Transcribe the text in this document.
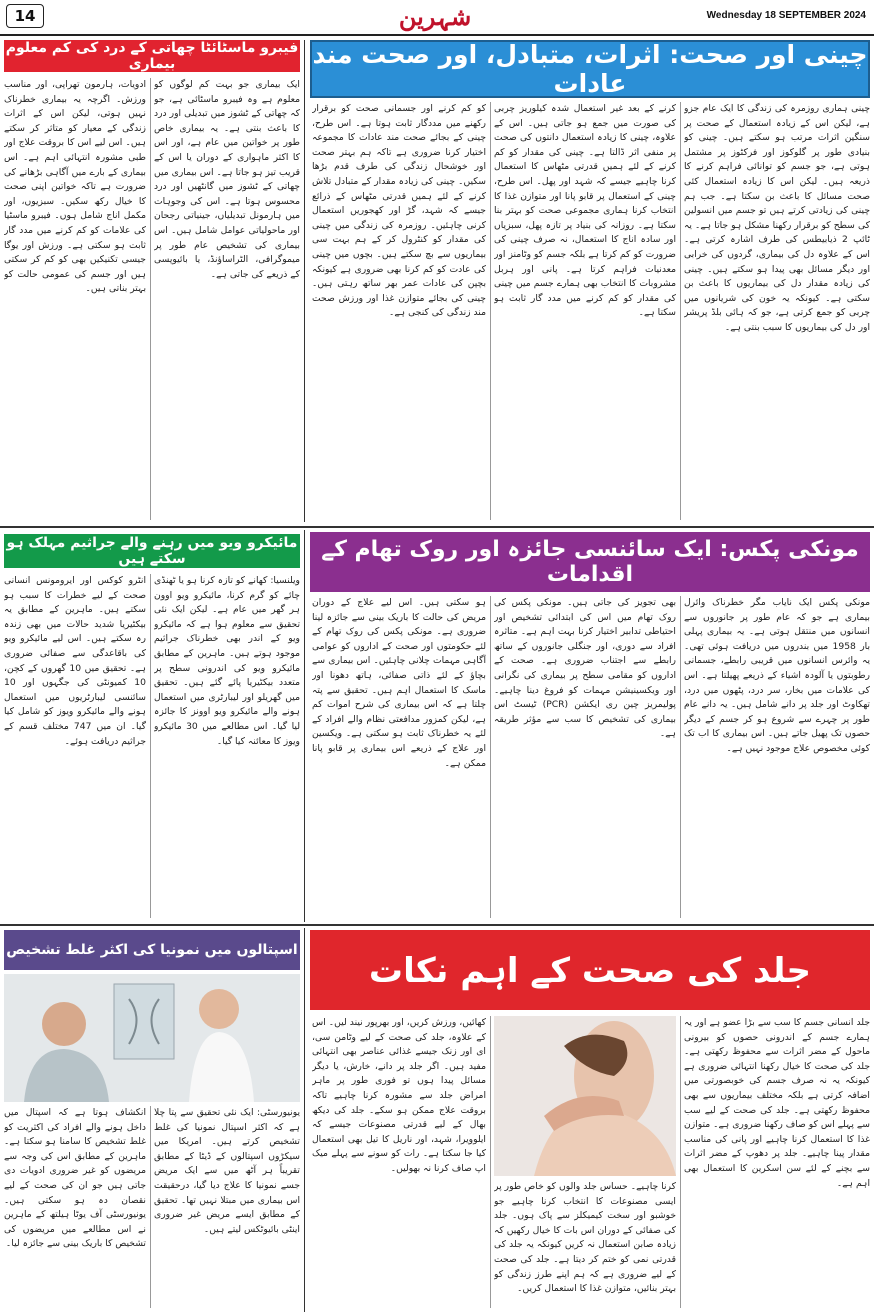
14	شہرین	Wednesday 18 SEPTEMBER 2024
چینی اور صحت: اثرات، متبادل، اور صحت مند عادات
چینی ہماری روزمرہ کی زندگی کا ایک عام جزو ہے، لیکن اس کے زیادہ استعمال کے صحت پر سنگین اثرات مرتب ہو سکتے ہیں۔ چینی کو بنیادی طور پر گلوکوز اور فرکٹوز پر مشتمل ہوتی ہے، جو جسم کو توانائی فراہم کرنے کا ذریعہ ہیں۔ لیکن اس کا زیادہ استعمال کئی صحت مسائل کا باعث بن سکتا ہے۔ جب ہم چینی کی زیادتی کرتے ہیں تو جسم میں انسولین کی سطح کو برقرار رکھنا مشکل ہو جاتا ہے۔ یہ ٹائپ 2 ذیابیطس کی طرف اشارہ کرتی ہے۔ اس کے علاوہ دل کی بیماری، گردوں کی خرابی اور دیگر مسائل بھی پیدا ہو سکتے ہیں۔ چینی کی زیادہ مقدار دل کی بیماریوں کا باعث بن سکتی ہے۔ کیونکہ یہ خون کی شریانوں میں چربی کو جمع کرتی ہے، جو کہ ہائی بلڈ پریشر اور دل کی بیماریوں کا سبب بنتی ہے۔
کرنے کے بعد غیر استعمال شدہ کیلوریز چربی کی صورت میں جمع ہو جاتی ہیں۔ اس کے علاوہ، چینی کا زیادہ استعمال دانتوں کی صحت پر منفی اثر ڈالتا ہے۔ چینی کی مقدار کو کم کرنے کے لئے ہمیں قدرتی مٹھاس کا استعمال کرنا چاہیے جیسے کہ شہد اور پھل۔ اس طرح، چینی کے استعمال پر قابو پانا اور متوازن غذا کا انتخاب کرنا ہماری مجموعی صحت کو بہتر بنا سکتا ہے۔ روزانہ کی بنیاد پر تازہ پھل، سبزیاں اور سادہ اناج کا استعمال، نہ صرف چینی کی ضرورت کو کم کرتا ہے بلکہ جسم کو وٹامنز اور معدنیات فراہم کرتا ہے۔ پانی اور ہربل مشروبات کا انتخاب بھی ہمارے جسم میں چینی کی مقدار کو کم کرنے میں مدد گار ثابت ہو سکتا ہے۔
کو کم کرنے اور جسمانی صحت کو برقرار رکھنے میں مددگار ثابت ہوتا ہے۔ اس طرح، چینی کے بجائے صحت مند عادات کا مجموعہ اختیار کرنا ضروری ہے تاکہ ہم بہتر صحت اور خوشحال زندگی کی طرف قدم بڑھا سکیں۔ چینی کی زیادہ مقدار کے متبادل تلاش کرنے کے لئے ہمیں قدرتی مٹھاس کے ذرائع جیسے کہ شہد، گڑ اور کھجوریں استعمال کرنی چاہئیں۔ روزمرہ کی زندگی میں چینی کی مقدار کو کنٹرول کر کے ہم بہت سی بیماریوں سے بچ سکتے ہیں۔ بچوں میں چینی کی عادت کو کم کرنا بھی ضروری ہے کیونکہ بچپن کی عادات عمر بھر ساتھ رہتی ہیں۔ چینی کی بجائے متوازن غذا اور ورزش صحت مند زندگی کی کنجی ہے۔
فیبرو ماسٹائٹا چھاتی کے درد کی کم معلوم بیماری
ایک بیماری جو بہت کم لوگوں کو معلوم ہے وہ فیبرو ماسٹائی ہے، جو کہ چھاتی کے ٹشوز میں تبدیلی اور درد کا باعث بنتی ہے۔ یہ بیماری خاص طور پر خواتین میں عام ہے، اور اس کا اکثر ماہواری کے دوران یا اس کے قریب تیز ہو جاتا ہے۔ اس بیماری میں چھاتی کے ٹشوز میں گانٹھیں اور درد محسوس ہوتا ہے۔ اس کی وجوہات میں ہارمونل تبدیلیاں، جینیاتی رجحان اور ماحولیاتی عوامل شامل ہیں۔ اس بیماری کی تشخیص عام طور پر میموگرافی، الٹراساؤنڈ، یا بائیوپسی کے ذریعے کی جاتی ہے۔
ادویات، ہارمون تھراپی، اور مناسب ورزش۔ اگرچہ یہ بیماری خطرناک نہیں ہوتی، لیکن اس کے اثرات زندگی کے معیار کو متاثر کر سکتے ہیں۔ اس لیے اس کا بروقت علاج اور طبی مشورہ انتہائی اہم ہے۔ اس بیماری کے بارے میں آگاہی بڑھانے کی ضرورت ہے تاکہ خواتین اپنی صحت کا خیال رکھ سکیں۔ سبزیوں، اور مکمل اناج شامل ہوں۔ فیبرو ماسٹیا کی علامات کو کم کرنے میں مدد گار ثابت ہو سکتی ہے۔ ورزش اور یوگا جیسی تکنیکیں بھی کو کم کر سکتی ہیں اور جسم کی عمومی حالت کو بہتر بناتی ہیں۔
مونکی پکس: ایک سائنسی جائزہ اور روک تھام کے اقدامات
مونکی پکس ایک نایاب مگر خطرناک وائرل بیماری ہے جو کہ عام طور پر جانوروں سے انسانوں میں منتقل ہوتی ہے۔ یہ بیماری پہلی بار 1958 میں بندروں میں دریافت ہوئی تھی۔ یہ وائرس انسانوں میں قریبی رابطے، جسمانی رطوبتوں یا آلودہ اشیاء کے ذریعے پھیلتا ہے۔ اس کی علامات میں بخار، سر درد، پٹھوں میں درد، تھکاوٹ اور جلد پر دانے شامل ہیں۔ یہ دانے عام طور پر چہرے سے شروع ہو کر جسم کے دیگر حصوں تک پھیل جاتے ہیں۔ اس بیماری کا اب تک کوئی مخصوص علاج موجود نہیں ہے۔
بھی تجویز کی جاتی ہیں۔ مونکی پکس کی روک تھام میں اس کی ابتدائی تشخیص اور احتیاطی تدابیر اختیار کرنا بہت اہم ہے۔ متاثرہ افراد سے دوری، اور جنگلی جانوروں کے ساتھ رابطے سے اجتناب ضروری ہے۔ صحت کے اداروں کو مقامی سطح پر بیماری کی نگرانی اور ویکسینیشن مہمات کو فروغ دینا چاہیے۔ پولیمریز چین ری ایکشن (PCR) ٹیسٹ اس بیماری کی تشخیص کا سب سے مؤثر طریقہ ہے۔
ہو سکتی ہیں۔ اس لیے علاج کے دوران مریض کی حالت کا باریک بینی سے جائزہ لینا ضروری ہے۔ مونکی پکس کی روک تھام کے لئے حکومتوں اور صحت کے اداروں کو عوامی آگاہی مہمات چلانی چاہئیں۔ اس بیماری سے بچاؤ کے لئے ذاتی صفائی، ہاتھ دھونا اور ماسک کا استعمال اہم ہیں۔ تحقیق سے پتہ چلتا ہے کہ اس بیماری کی شرح اموات کم ہے، لیکن کمزور مدافعتی نظام والے افراد کے لئے یہ خطرناک ثابت ہو سکتی ہے۔ ویکسین اور علاج کے ذریعے اس بیماری پر قابو پانا ممکن ہے۔
مائیکرو ویو میں رہنے والے جراثیم مہلک ہو سکتے ہیں
ویلنسیا: کھانے کو تازہ کرنا ہو یا ٹھنڈی چائے کو گرم کرنا، مائیکرو ویو اوون ہر گھر میں عام ہے۔ لیکن ایک نئی تحقیق سے معلوم ہوا ہے کہ مائیکرو ویو کے اندر بھی خطرناک جراثیم موجود ہوتے ہیں۔ ماہرین کے مطابق مائیکرو ویو کی اندرونی سطح پر متعدد بیکٹیریا پائے گئے ہیں۔ تحقیق میں گھریلو اور لیبارٹری میں استعمال ہونے والے مائیکرو ویو اوونز کا جائزہ لیا گیا۔ اس مطالعے میں 30 مائیکرو ویوز کا معائنہ کیا گیا۔
انٹرو کوکس اور ایرومونس انسانی صحت کے لیے خطرات کا سبب ہو سکتے ہیں۔ ماہرین کے مطابق یہ بیکٹیریا شدید حالات میں بھی زندہ رہ سکتے ہیں۔ اس لیے مائیکرو ویو کی باقاعدگی سے صفائی ضروری ہے۔ تحقیق میں 10 گھروں کے کچن، 10 کمیونٹی کی جگہوں اور 10 سائنسی لیبارٹریوں میں استعمال ہونے والے مائیکرو ویوز کو شامل کیا گیا۔ ان میں 747 مختلف قسم کے جراثیم دریافت ہوئے۔
جلد کی صحت کے اہم نکات
جلد انسانی جسم کا سب سے بڑا عضو ہے اور یہ ہمارے جسم کے اندرونی حصوں کو بیرونی ماحول کے مضر اثرات سے محفوظ رکھتی ہے۔ جلد کی صحت کا خیال رکھنا انتہائی ضروری ہے کیونکہ یہ نہ صرف جسم کی خوبصورتی میں اضافہ کرتی ہے بلکہ مختلف بیماریوں سے بھی محفوظ رکھتی ہے۔ جلد کی صحت کے لیے سب سے پہلے اس کو صاف رکھنا ضروری ہے۔ متوازن غذا کا استعمال کرنا چاہیے اور پانی کی مناسب مقدار پینا چاہیے۔ جلد پر دھوپ کے مضر اثرات سے بچنے کے لئے سن اسکرین کا استعمال بھی اہم ہے۔
کرنا چاہیے۔ حساس جلد والوں کو خاص طور پر ایسی مصنوعات کا انتخاب کرنا چاہیے جو خوشبو اور سخت کیمیکلز سے پاک ہوں۔ جلد کی صفائی کے دوران اس بات کا خیال رکھیں کہ زیادہ صابن استعمال نہ کریں کیونکہ یہ جلد کی قدرتی نمی کو ختم کر دیتا ہے۔ جلد کی صحت کے لیے ضروری ہے کہ ہم اپنے طرز زندگی کو بہتر بنائیں، متوازن غذا کا استعمال کریں۔
کھائیں، ورزش کریں، اور بھرپور نیند لیں۔ اس کے علاوہ، جلد کی صحت کے لیے وٹامن سی، ای اور زنک جیسے غذائی عناصر بھی انتہائی مفید ہیں۔ اگر جلد پر دانے، خارش، یا دیگر مسائل پیدا ہوں تو فوری طور پر ماہر امراض جلد سے مشورہ کرنا چاہیے تاکہ بروقت علاج ممکن ہو سکے۔ جلد کی دیکھ بھال کے لیے قدرتی مصنوعات جیسے کہ ایلوویرا، شہد، اور ناریل کا تیل بھی استعمال کیا جا سکتا ہے۔ رات کو سونے سے پہلے میک اپ صاف کرنا نہ بھولیں۔
اسپتالوں میں نمونیا کی اکثر غلط تشخیص
یونیورسٹی: ایک نئی تحقیق سے پتا چلا ہے کہ اکثر اسپتال نمونیا کی غلط تشخیص کرتے ہیں۔ امریکا میں سیکڑوں اسپتالوں کے ڈیٹا کے مطابق تقریباً ہر آٹھ میں سے ایک مریض جسے نمونیا کا علاج دیا گیا، درحقیقت اس بیماری میں مبتلا نہیں تھا۔ تحقیق کے مطابق ایسے مریض غیر ضروری اینٹی بائیوٹکس لیتے ہیں۔
انکشاف ہوتا ہے کہ اسپتال میں داخل ہونے والے افراد کی اکثریت کو غلط تشخیص کا سامنا ہو سکتا ہے۔ ماہرین کے مطابق اس کی وجہ سے مریضوں کو غیر ضروری ادویات دی جاتی ہیں جو ان کی صحت کے لیے نقصان دہ ہو سکتی ہیں۔ یونیورسٹی آف یوٹا ہیلتھ کے ماہرین نے اس مطالعے میں مریضوں کی تشخیص کا باریک بینی سے جائزہ لیا۔
